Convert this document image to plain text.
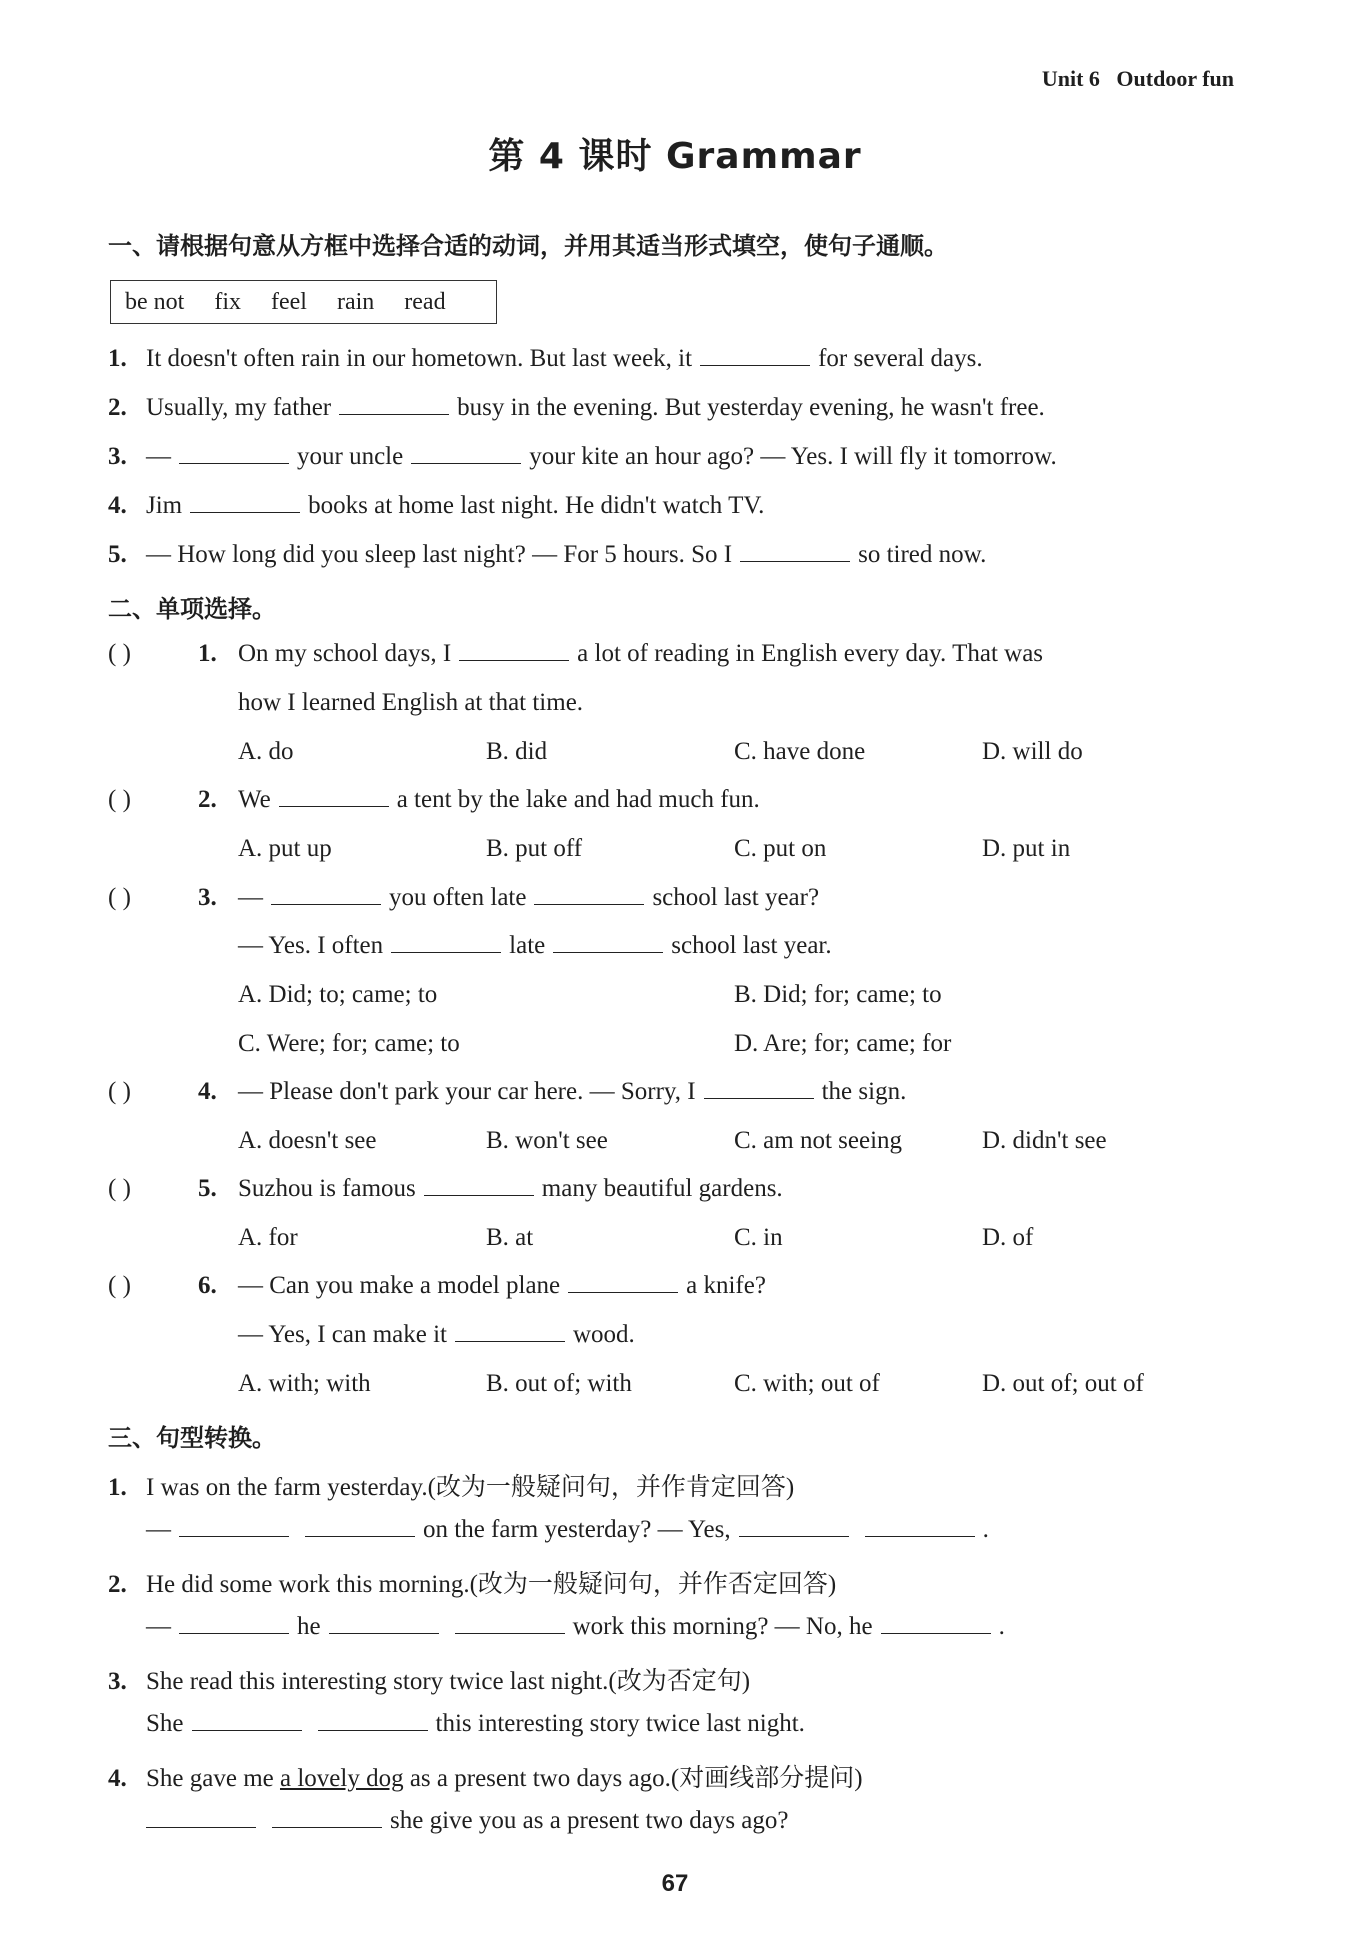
Unit 6 Outdoor fun
第 4 课时 Grammar
一、请根据句意从方框中选择合适的动词，并用其适当形式填空，使句子通顺。
be not	fix	feel	rain	read
1. It doesn't often rain in our hometown. But last week, it	for several days.
2. Usually, my father	busy in the evening. But yesterday evening, he wasn't free.
3. —	your uncle	your kite an hour ago? — Yes. I will fly it tomorrow.
4. Jim	books at home last night. He didn't watch TV.
5. — How long did you sleep last night? — For 5 hours. So I	so tired now.
二、单项选择。
( )	1. On my school days, I	a lot of reading in English every day. That was
how I learned English at that time.
A. do	B. did	C. have done	D. will do
( )	2. We	a tent by the lake and had much fun.
A. put up	B. put off	C. put on	D. put in
( )	3. —	you often late	school last year?
— Yes. I often	late	school last year.
A. Did; to; came; to	B. Did; for; came; to
C. Were; for; came; to	D. Are; for; came; for
( )	4. — Please don't park your car here. — Sorry, I	the sign.
A. doesn't see	B. won't see	C. am not seeing	D. didn't see
( )	5. Suzhou is famous	many beautiful gardens.
A. for	B. at	C. in	D. of
( )	6. — Can you make a model plane	a knife?
— Yes, I can make it	wood.
A. with; with	B. out of; with	C. with; out of	D. out of; out of
三、句型转换。
1. I was on the farm yesterday.(改为一般疑问句，并作肯定回答)
—	on the farm yesterday? — Yes,	.
2. He did some work this morning.(改为一般疑问句，并作否定回答)
—	he	work this morning? — No, he	.
3. She read this interesting story twice last night.(改为否定句)
She	this interesting story twice last night.
4. She gave me a lovely dog as a present two days ago.(对画线部分提问)
she give you as a present two days ago?
67
